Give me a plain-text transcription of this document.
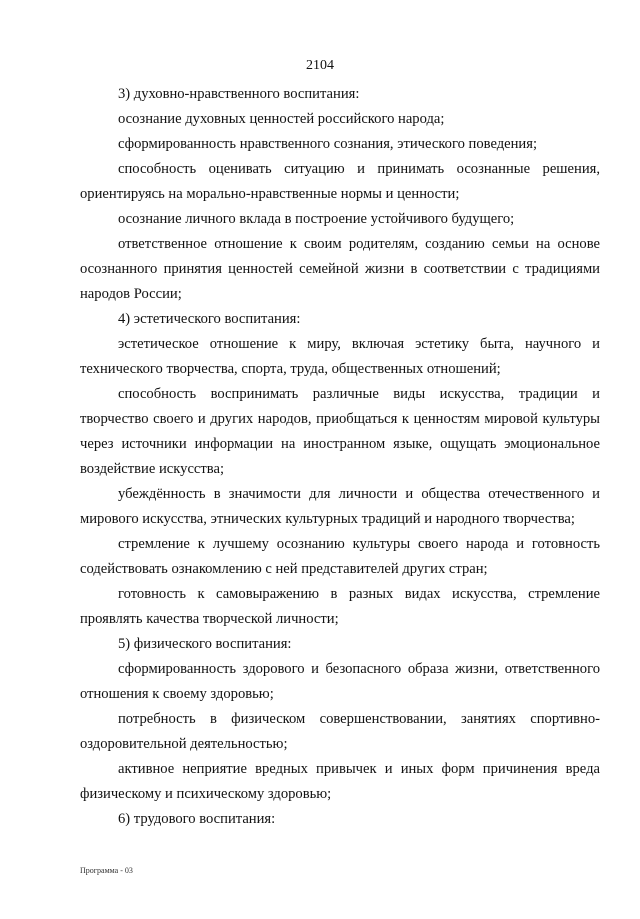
2104

3) духовно-нравственного воспитания:

осознание духовных ценностей российского народа;

сформированность нравственного сознания, этического поведения;

способность оценивать ситуацию и принимать осознанные решения, ориентируясь на морально-нравственные нормы и ценности;

осознание личного вклада в построение устойчивого будущего;

ответственное отношение к своим родителям, созданию семьи на основе осознанного принятия ценностей семейной жизни в соответствии с традициями народов России;

4) эстетического воспитания:

эстетическое отношение к миру, включая эстетику быта, научного и технического творчества, спорта, труда, общественных отношений;

способность воспринимать различные виды искусства, традиции и творчество своего и других народов, приобщаться к ценностям мировой культуры через источники информации на иностранном языке, ощущать эмоциональное воздействие искусства;

убеждённость в значимости для личности и общества отечественного и мирового искусства, этнических культурных традиций и народного творчества;

стремление к лучшему осознанию культуры своего народа и готовность содействовать ознакомлению с ней представителей других стран;

готовность к самовыражению в разных видах искусства, стремление проявлять качества творческой личности;

5) физического воспитания:

сформированность здорового и безопасного образа жизни, ответственного отношения к своему здоровью;

потребность в физическом совершенствовании, занятиях спортивно-оздоровительной деятельностью;

активное неприятие вредных привычек и иных форм причинения вреда физическому и психическому здоровью;

6) трудового воспитания:

Программа - 03
